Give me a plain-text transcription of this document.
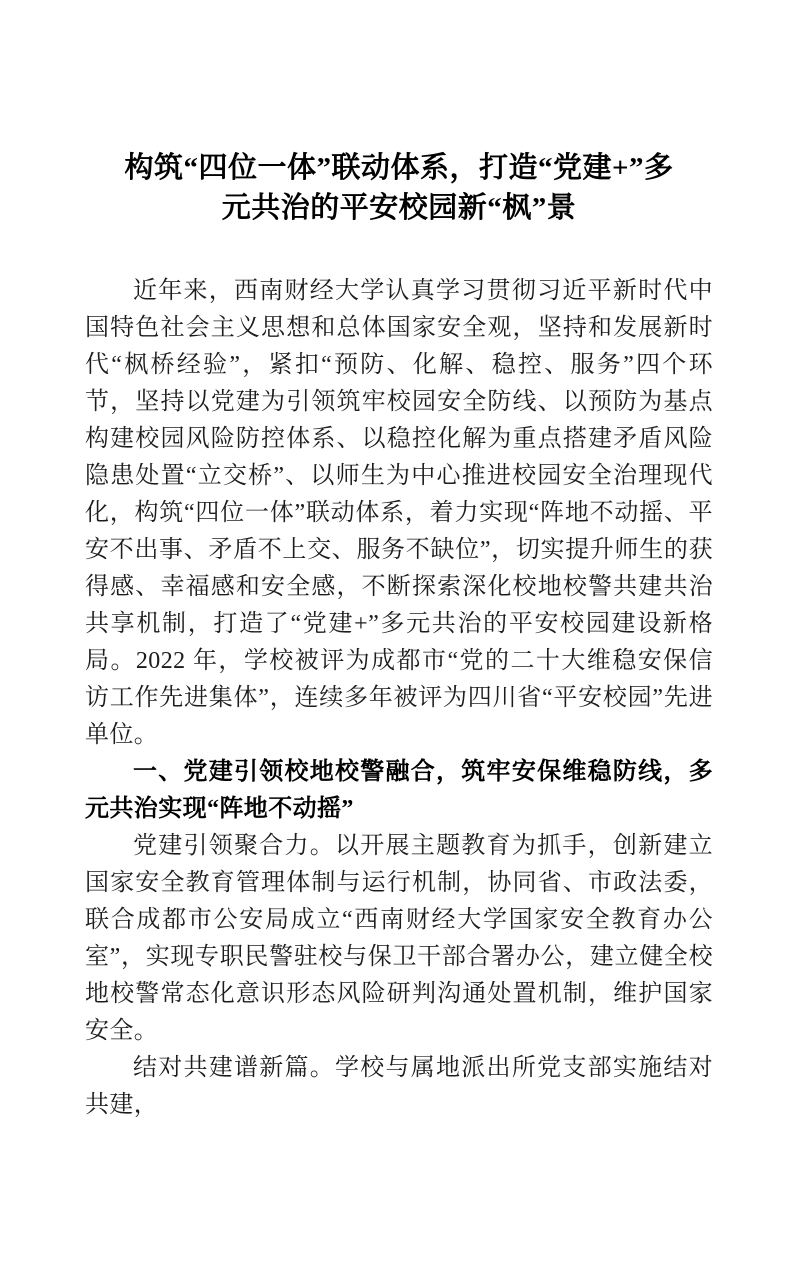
构筑“四位一体”联动体系，打造“党建+”多元共治的平安校园新“枫”景

近年来，西南财经大学认真学习贯彻习近平新时代中国特色社会主义思想和总体国家安全观，坚持和发展新时代“枫桥经验”，紧扣“预防、化解、稳控、服务”四个环节，坚持以党建为引领筑牢校园安全防线、以预防为基点构建校园风险防控体系、以稳控化解为重点搭建矛盾风险隐患处置“立交桥”、以师生为中心推进校园安全治理现代化，构筑“四位一体”联动体系，着力实现“阵地不动摇、平安不出事、矛盾不上交、服务不缺位”，切实提升师生的获得感、幸福感和安全感，不断探索深化校地校警共建共治共享机制，打造了“党建+”多元共治的平安校园建设新格局。2022 年，学校被评为成都市“党的二十大维稳安保信访工作先进集体”，连续多年被评为四川省“平安校园”先进单位。

一、党建引领校地校警融合，筑牢安保维稳防线，多元共治实现“阵地不动摇”

党建引领聚合力。以开展主题教育为抓手，创新建立国家安全教育管理体制与运行机制，协同省、市政法委，联合成都市公安局成立“西南财经大学国家安全教育办公室”，实现专职民警驻校与保卫干部合署办公，建立健全校地校警常态化意识形态风险研判沟通处置机制，维护国家安全。

结对共建谱新篇。学校与属地派出所党支部实施结对共建，
